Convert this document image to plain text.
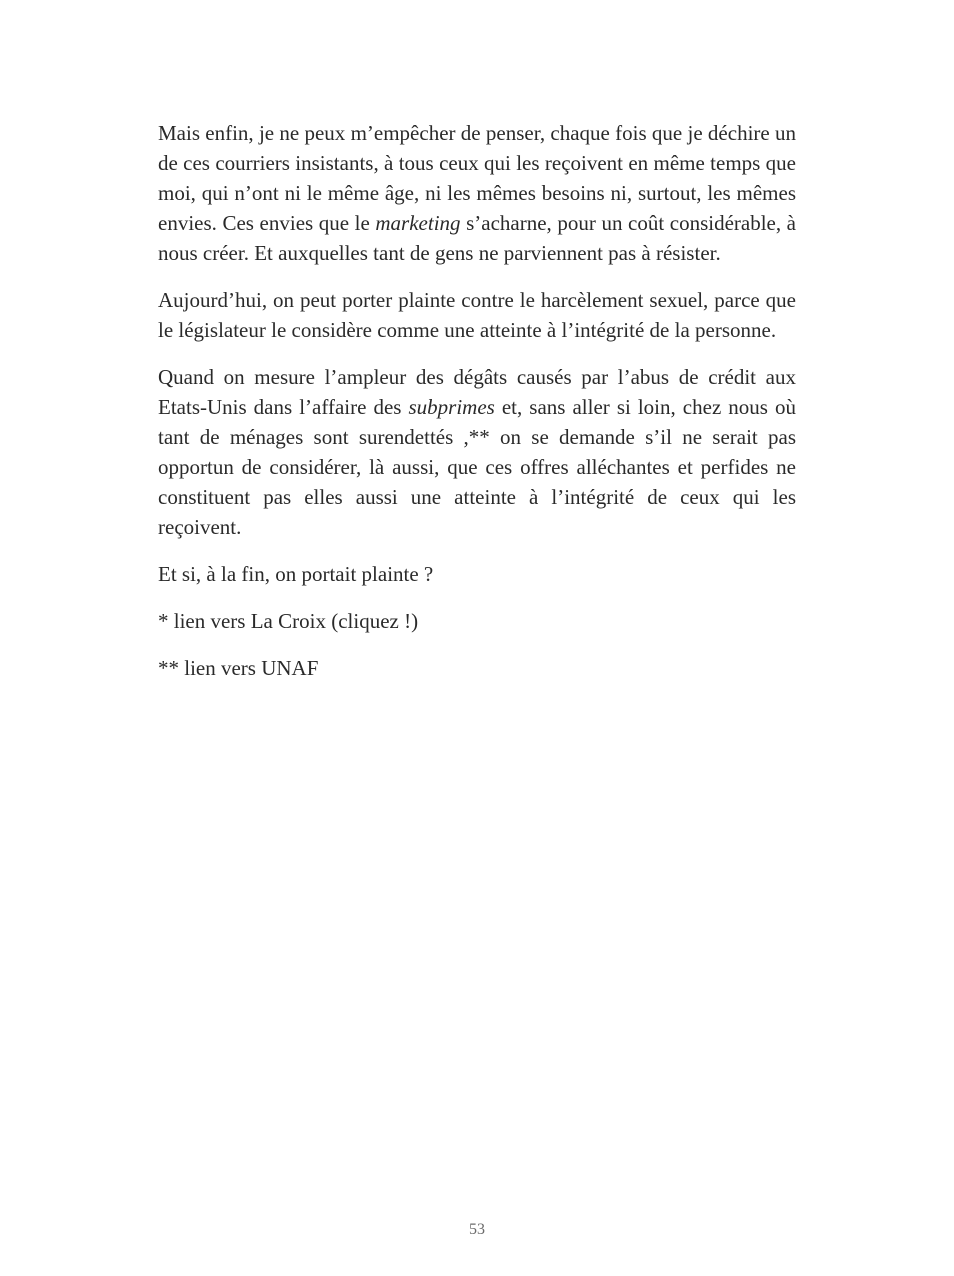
Mais enfin, je ne peux m’empêcher de penser, chaque fois que je déchire un de ces courriers insistants, à tous ceux qui les reçoivent en même temps que moi, qui n’ont ni le même âge, ni les mêmes besoins ni, surtout, les mêmes envies. Ces envies que le marketing s’acharne, pour un coût considérable, à nous créer. Et auxquelles tant de gens ne parviennent pas à résister.

Aujourd’hui, on peut porter plainte contre le harcèlement sexuel, parce que le législateur le considère comme une atteinte à l’intégrité de la personne.

Quand on mesure l’ampleur des dégâts causés par l’abus de crédit aux Etats-Unis dans l’affaire des subprimes et, sans aller si loin, chez nous où tant de ménages sont surendettés ,** on se demande s’il ne serait pas opportun de considérer, là aussi, que ces offres alléchantes et perfides ne constituent pas elles aussi une atteinte à l’intégrité de ceux qui les reçoivent.

Et si, à la fin, on portait plainte ?

* lien vers La Croix (cliquez !)

** lien vers UNAF

53
